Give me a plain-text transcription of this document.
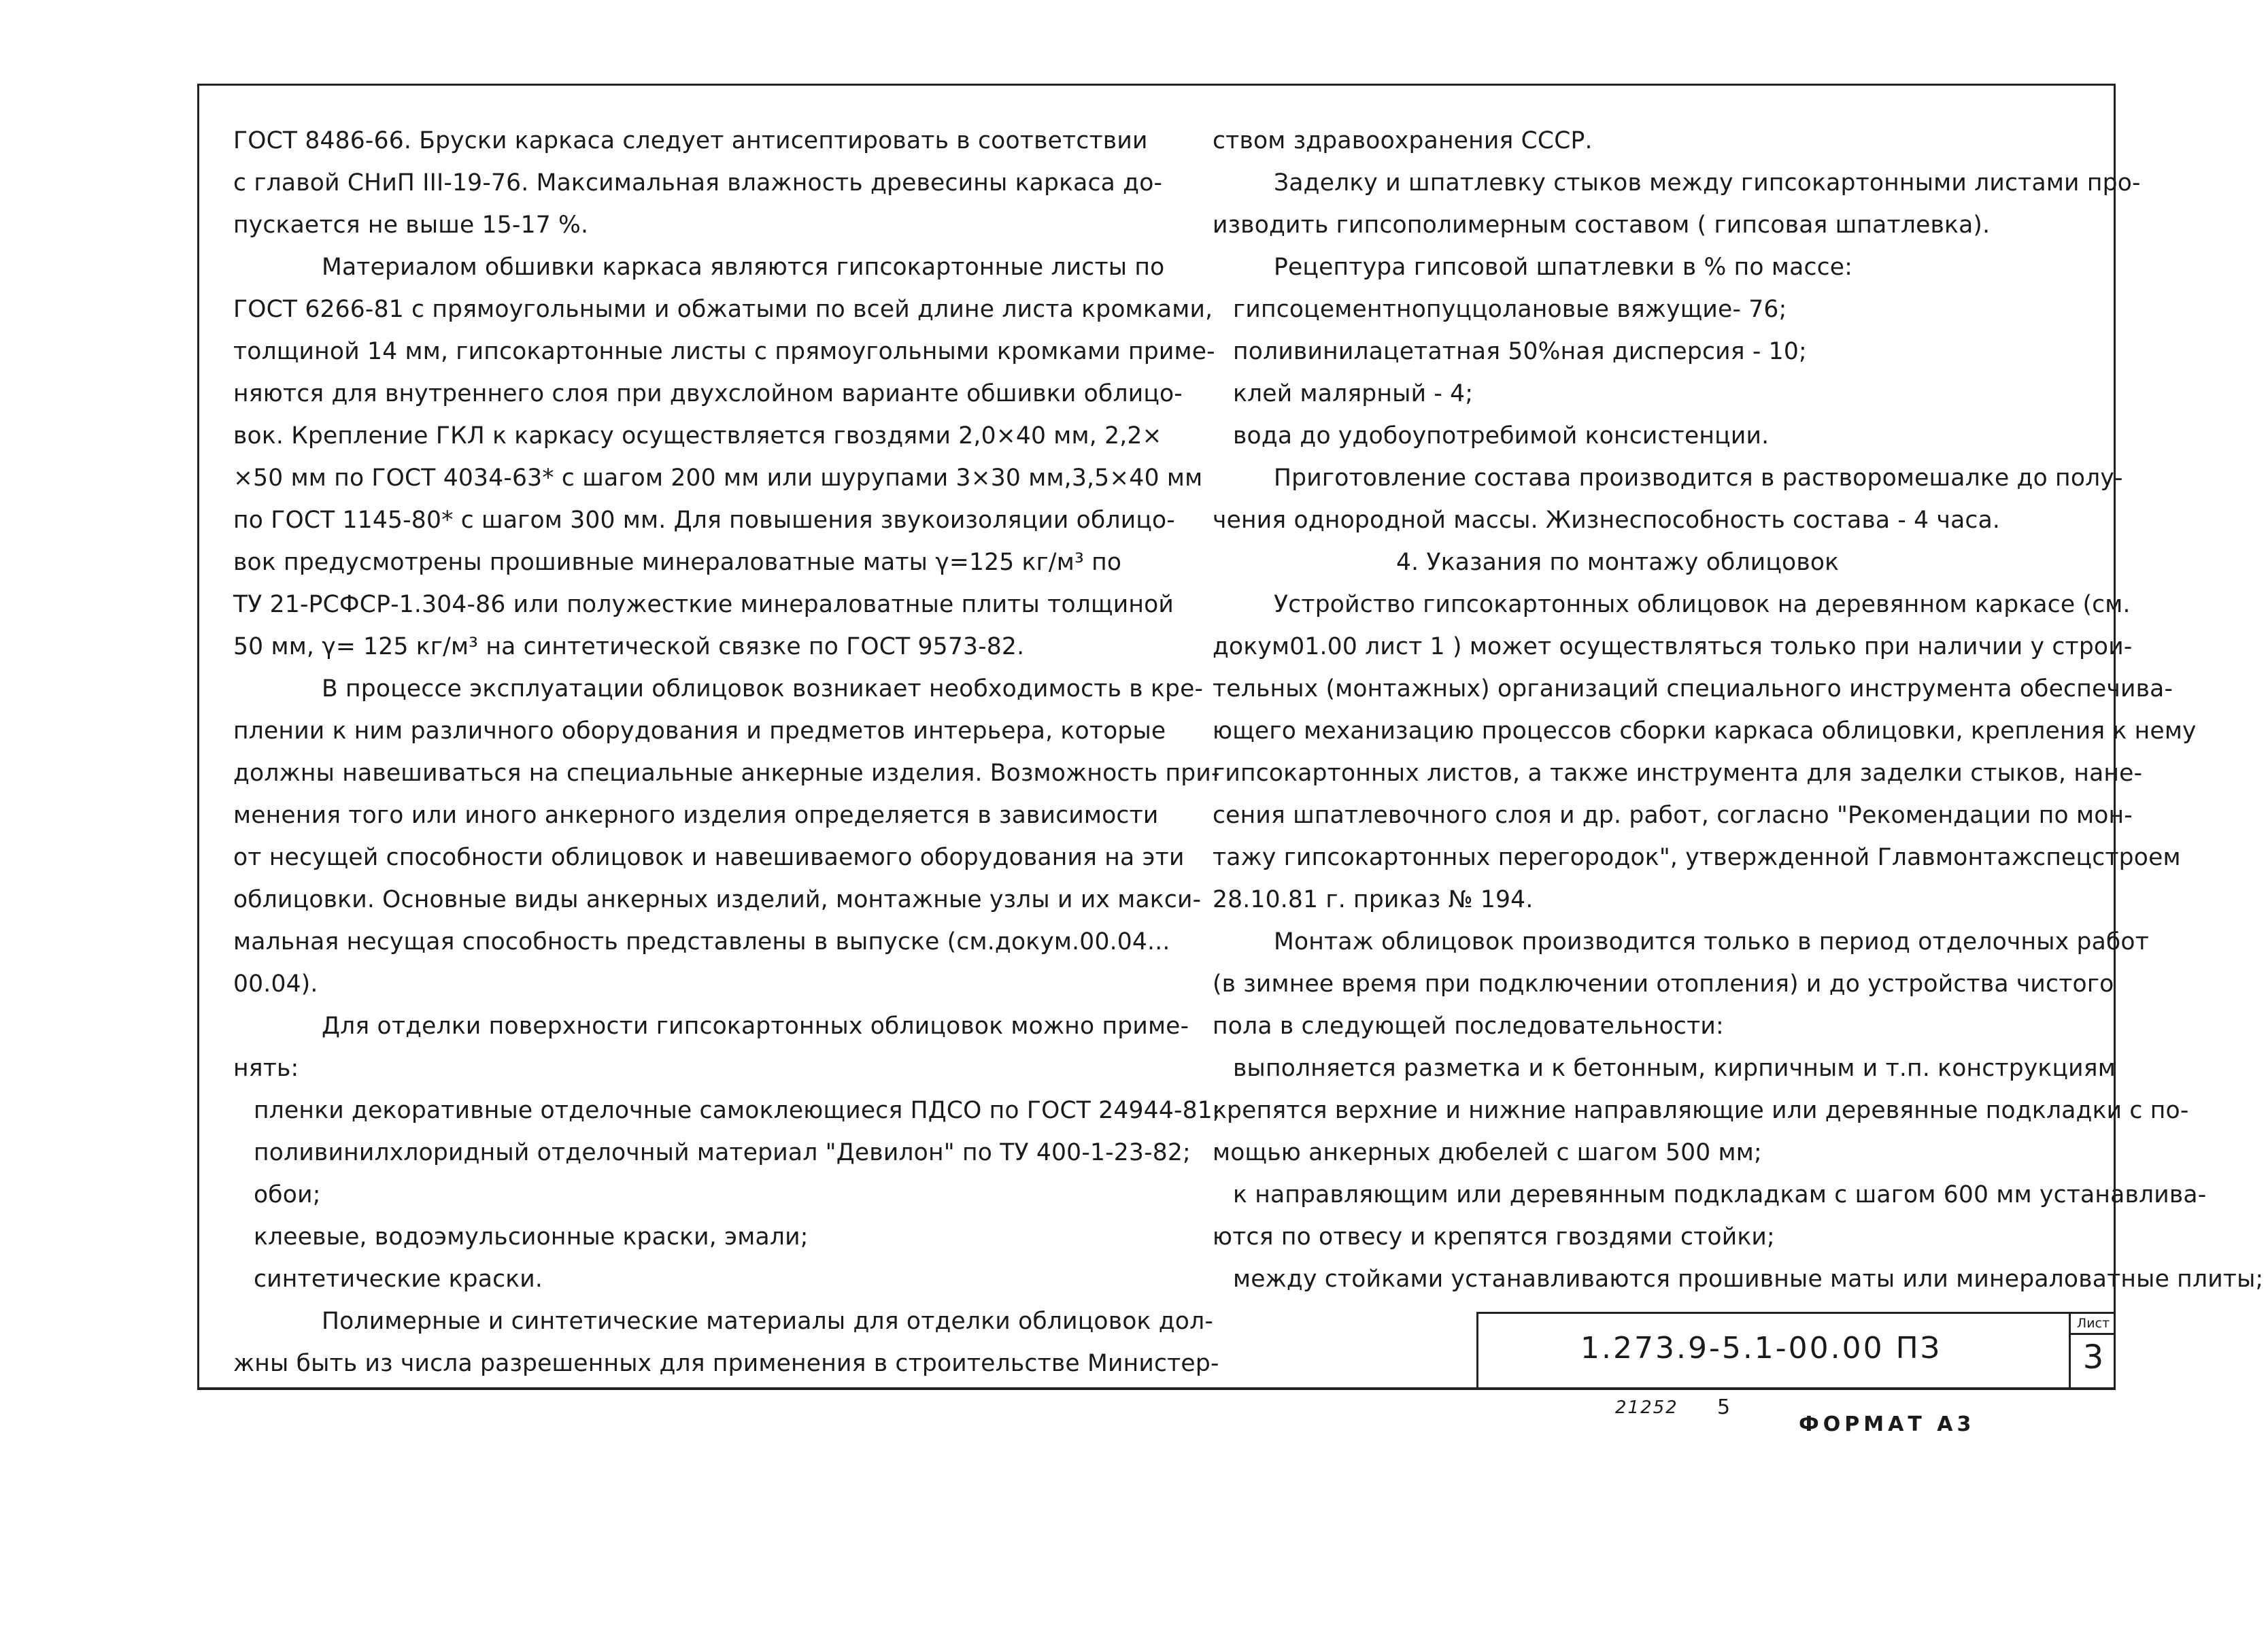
ГОСТ 8486-66. Бруски каркаса следует антисептировать в соответствии
с главой СНиП III-19-76. Максимальная влажность древесины каркаса до-
пускается не выше 15-17 %.
Материалом обшивки каркаса являются гипсокартонные листы по
ГОСТ 6266-81 с прямоугольными и обжатыми по всей длине листа кромками,
толщиной 14 мм, гипсокартонные листы с прямоугольными кромками приме-
няются для внутреннего слоя при двухслойном варианте обшивки облицо-
вок. Крепление ГКЛ к каркасу осуществляется гвоздями 2,0×40 мм, 2,2×
×50 мм по ГОСТ 4034-63* с шагом 200 мм или шурупами 3×30 мм,3,5×40 мм
по ГОСТ 1145-80* с шагом 300 мм. Для повышения звукоизоляции облицо-
вок предусмотрены прошивные минераловатные маты γ=125 кг/м³ по
ТУ 21-РСФСР-1.304-86 или полужесткие минераловатные плиты толщиной
50 мм, γ= 125 кг/м³ на синтетической связке по ГОСТ 9573-82.
В процессе эксплуатации облицовок возникает необходимость в кре-
плении к ним различного оборудования и предметов интерьера, которые
должны навешиваться на специальные анкерные изделия. Возможность при-
менения того или иного анкерного изделия определяется в зависимости
от несущей способности облицовок и навешиваемого оборудования на эти
облицовки. Основные виды анкерных изделий, монтажные узлы и их макси-
мальная несущая способность представлены в выпуске (см.докум.00.04...
00.04).
Для отделки поверхности гипсокартонных облицовок можно приме-
нять:
пленки декоративные отделочные самоклеющиеся ПДСО по ГОСТ 24944-81;
поливинилхлоридный отделочный материал "Девилон" по ТУ 400-1-23-82;
обои;
клеевые, водоэмульсионные краски, эмали;
синтетические краски.
Полимерные и синтетические материалы для отделки облицовок дол-
жны быть из числа разрешенных для применения в строительстве Министер-
ством здравоохранения СССР.
Заделку и шпатлевку стыков между гипсокартонными листами про-
изводить гипсополимерным составом ( гипсовая шпатлевка).
Рецептура гипсовой шпатлевки в % по массе:
гипсоцементнопуццолановые вяжущие- 76;
поливинилацетатная 50%ная дисперсия - 10;
клей малярный - 4;
вода до удобоупотребимой консистенции.
Приготовление состава производится в растворомешалке до полу-
чения однородной массы. Жизнеспособность состава - 4 часа.
4. Указания по монтажу облицовок
Устройство гипсокартонных облицовок на деревянном каркасе (см.
докум01.00 лист 1 ) может осуществляться только при наличии у строи-
тельных (монтажных) организаций специального инструмента обеспечива-
ющего механизацию процессов сборки каркаса облицовки, крепления к нему
гипсокартонных листов, а также инструмента для заделки стыков, нане-
сения шпатлевочного слоя и др. работ, согласно "Рекомендации по мон-
тажу гипсокартонных перегородок", утвержденной Главмонтажспецстроем
28.10.81 г. приказ № 194.
Монтаж облицовок производится только в период отделочных работ
(в зимнее время при подключении отопления) и до устройства чистого
пола в следующей последовательности:
выполняется разметка и к бетонным, кирпичным и т.п. конструкциям
крепятся верхние и нижние направляющие или деревянные подкладки с по-
мощью анкерных дюбелей с шагом 500 мм;
к направляющим или деревянным подкладкам с шагом 600 мм устанавлива-
ются по отвесу и крепятся гвоздями стойки;
между стойками устанавливаются прошивные маты или минераловатные плиты;
1.273.9-5.1-00.00 ПЗ
Лист
3
21252 5
ФОРМАТ А3
